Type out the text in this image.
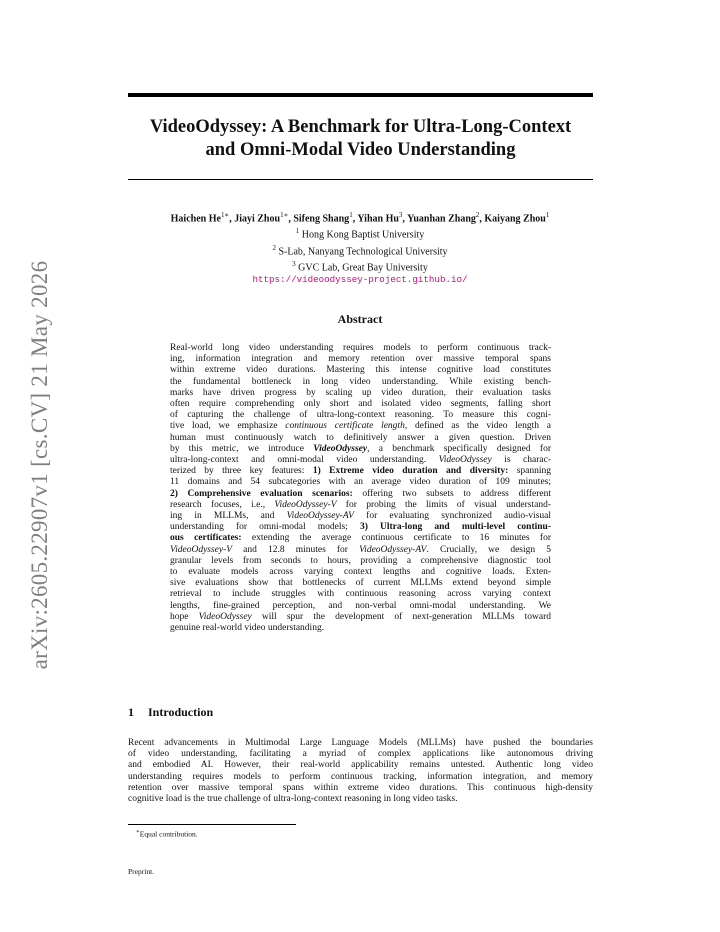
arXiv:2605.22907v1 [cs.CV] 21 May 2026
VideoOdyssey: A Benchmark for Ultra-Long-Context
and Omni-Modal Video Understanding
Haichen $He^{1∗}$, Jiayi Zhou$^{1∗}$, Sifeng Shang$^1$, Yihan Hu$^3$, Yuanhan Zhang$^2$, Kaiyang Zhou$^1$
$^1$ Hong Kong Baptist University
$^2$ S-Lab, Nanyang Technological University
$^3$ GVC Lab, Great Bay University
https://videoodyssey-project.github.io/
Abstract
Real-world long video understanding requires models to perform continuous track-
ing, information integration and memory retention over massive temporal spans
within extreme video durations. Mastering this intense cognitive load constitutes
the fundamental bottleneck in long video understanding. While existing bench-
marks have driven progress by scaling up video duration, their evaluation tasks
often require comprehending only short and isolated video segments, falling short
of capturing the challenge of ultra-long-context reasoning. To measure this cogni-
tive load, we emphasize continuous certificate length, defined as the video length a
human must continuously watch to definitively answer a given question. Driven
by this metric, we introduce VideoOdyssey, a benchmark specifically designed for
ultra-long-context and omni-modal video understanding. VideoOdyssey is charac-
terized by three key features: 1) Extreme video duration and diversity: spanning
11 domains and 54 subcategories with an average video duration of 109 minutes;
2) Comprehensive evaluation scenarios: offering two subsets to address different
research focuses, i.e., VideoOdyssey-V for probing the limits of visual understand-
ing in MLLMs, and VideoOdyssey-AV for evaluating synchronized audio-visual
understanding for omni-modal models; 3) Ultra-long and multi-level continu-
ous certificates: extending the average continuous certificate to 16 minutes for
VideoOdyssey-V and 12.8 minutes for VideoOdyssey-AV. Crucially, we design 5
granular levels from seconds to hours, providing a comprehensive diagnostic tool
to evaluate models across varying context lengths and cognitive loads. Exten-
sive evaluations show that bottlenecks of current MLLMs extend beyond simple
retrieval to include struggles with continuous reasoning across varying context
lengths, fine-grained perception, and non-verbal omni-modal understanding. We
hope VideoOdyssey will spur the development of next-generation MLLMs toward
genuine real-world video understanding.
1 Introduction
Recent advancements in Multimodal Large Language Models (MLLMs) have pushed the boundaries
of video understanding, facilitating a myriad of complex applications like autonomous driving
and embodied AI. However, their real-world applicability remains untested. Authentic long video
understanding requires models to perform continuous tracking, information integration, and memory
retention over massive temporal spans within extreme video durations. This continuous high-density
cognitive load is the true challenge of ultra-long-context reasoning in long video tasks.
∗Equal contribution.
Preprint.
